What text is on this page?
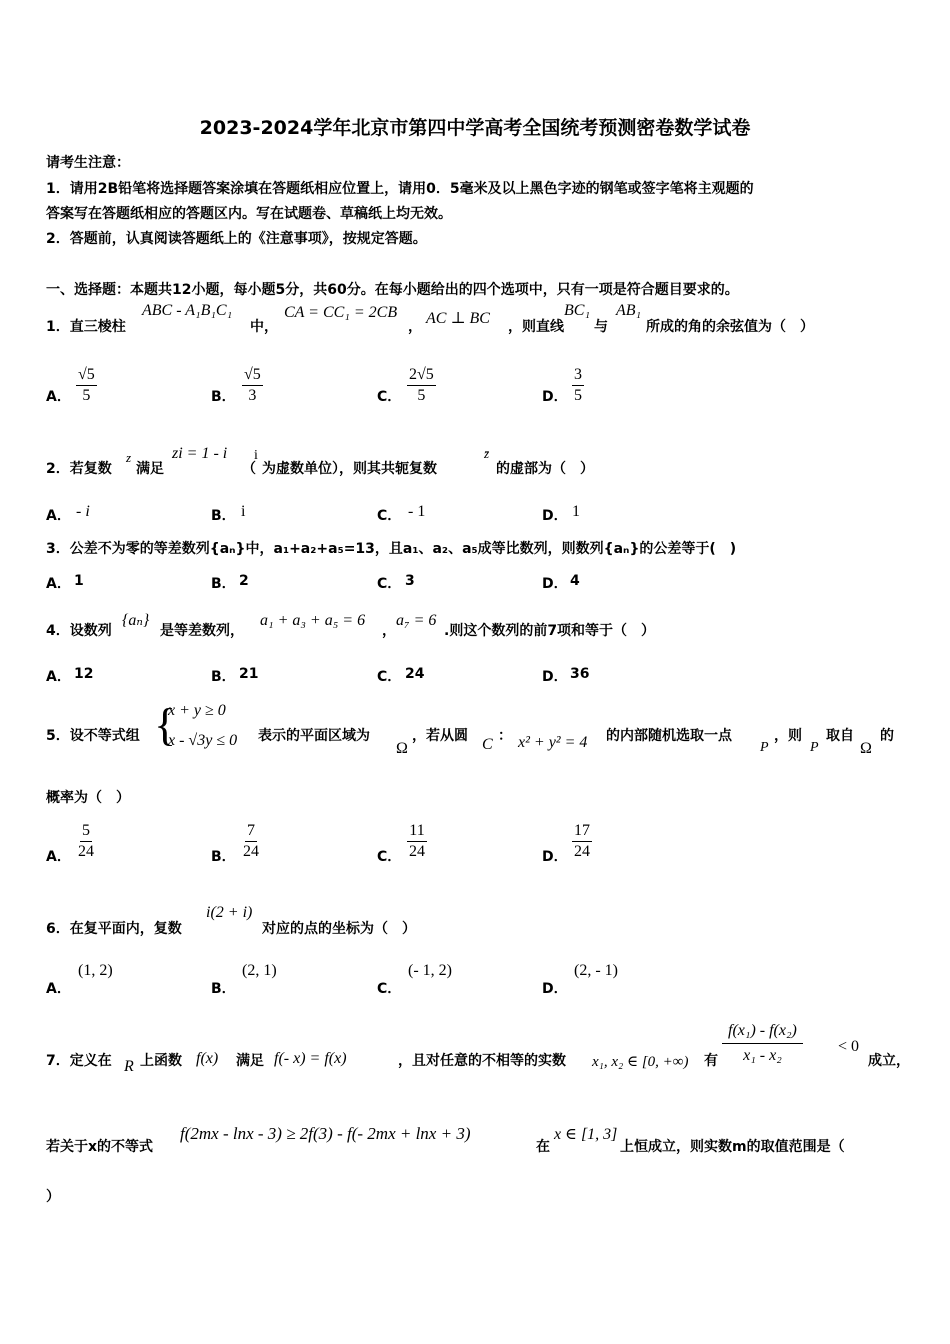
2023-2024学年北京市第四中学高考全国统考预测密卷数学试卷
请考生注意：
1．请用2B铅笔将选择题答案涂填在答题纸相应位置上，请用0．5毫米及以上黑色字迹的钢笔或签字笔将主观题的
答案写在答题纸相应的答题区内。写在试题卷、草稿纸上均无效。
2．答题前，认真阅读答题纸上的《注意事项》，按规定答题。
一、选择题：本题共12小题，每小题5分，共60分。在每小题给出的四个选项中，只有一项是符合题目要求的。
1．直三棱柱
ABC - A₁B₁C₁
中，
CA = CC₁ = 2CB
， AC ⊥ BC ，则直线
BC₁
与
AB₁
所成的角的余弦值为（　）
A． $\frac{√5}{5}$	B． $\frac{√5}{3}$	C． $\frac{2√5}{5}$	D． $\frac{3}{5}$
2．若复数
z
满足
zi = 1 - i
（
i
为虚数单位），则其共轭复数
z̄
的虚部为（　）
A． - i	B． i	C． - 1	D． 1
3．公差不为零的等差数列{aₙ}中，a₁+a₂+a₅=13，且a₁、a₂、a₅成等比数列，则数列{aₙ}的公差等于(　)
A． 1	B． 2	C． 3	D． 4
4．设数列
{aₙ}
是等差数列，
a₁ + a₃ + a₅ = 6
，
a₇ = 6
.则这个数列的前7项和等于（　）
A． 12	B． 21	C． 24	D． 36
5．设不等式组 {
x + y ≥ 0
x - √3y ≤ 0 表示的平面区域为
Ω
，若从圆 C ： x² + y² = 4 的内部随机选取一点
P
，则
P
取自
Ω
的
概率为（　）
A． $\frac{5}{24}$	B． $\frac{7}{24}$	C． $\frac{11}{24}$	D． $\frac{17}{24}$
6．在复平面内，复数
i(2 + i)
对应的点的坐标为（　）
A．
(1, 2)
B．
(2, 1)
C．
(- 1, 2)
D．
(2, - 1)
7．定义在 R 上函数 f(x) 满足 f(- x) = f(x)	，且对任意的不相等的实数 x₁, x₂ ∈ [0, +∞) 有 $\frac{\text{f(x₁) - f(x₂)}}{\text{x₁ - x₂}} < 0$
成立，
若关于x的不等式
f(2mx - lnx - 3) ≥ 2f(3) - f(- 2mx + lnx + 3)
在
x ∈ [1, 3]
上恒成立，则实数m的取值范围是（
）
